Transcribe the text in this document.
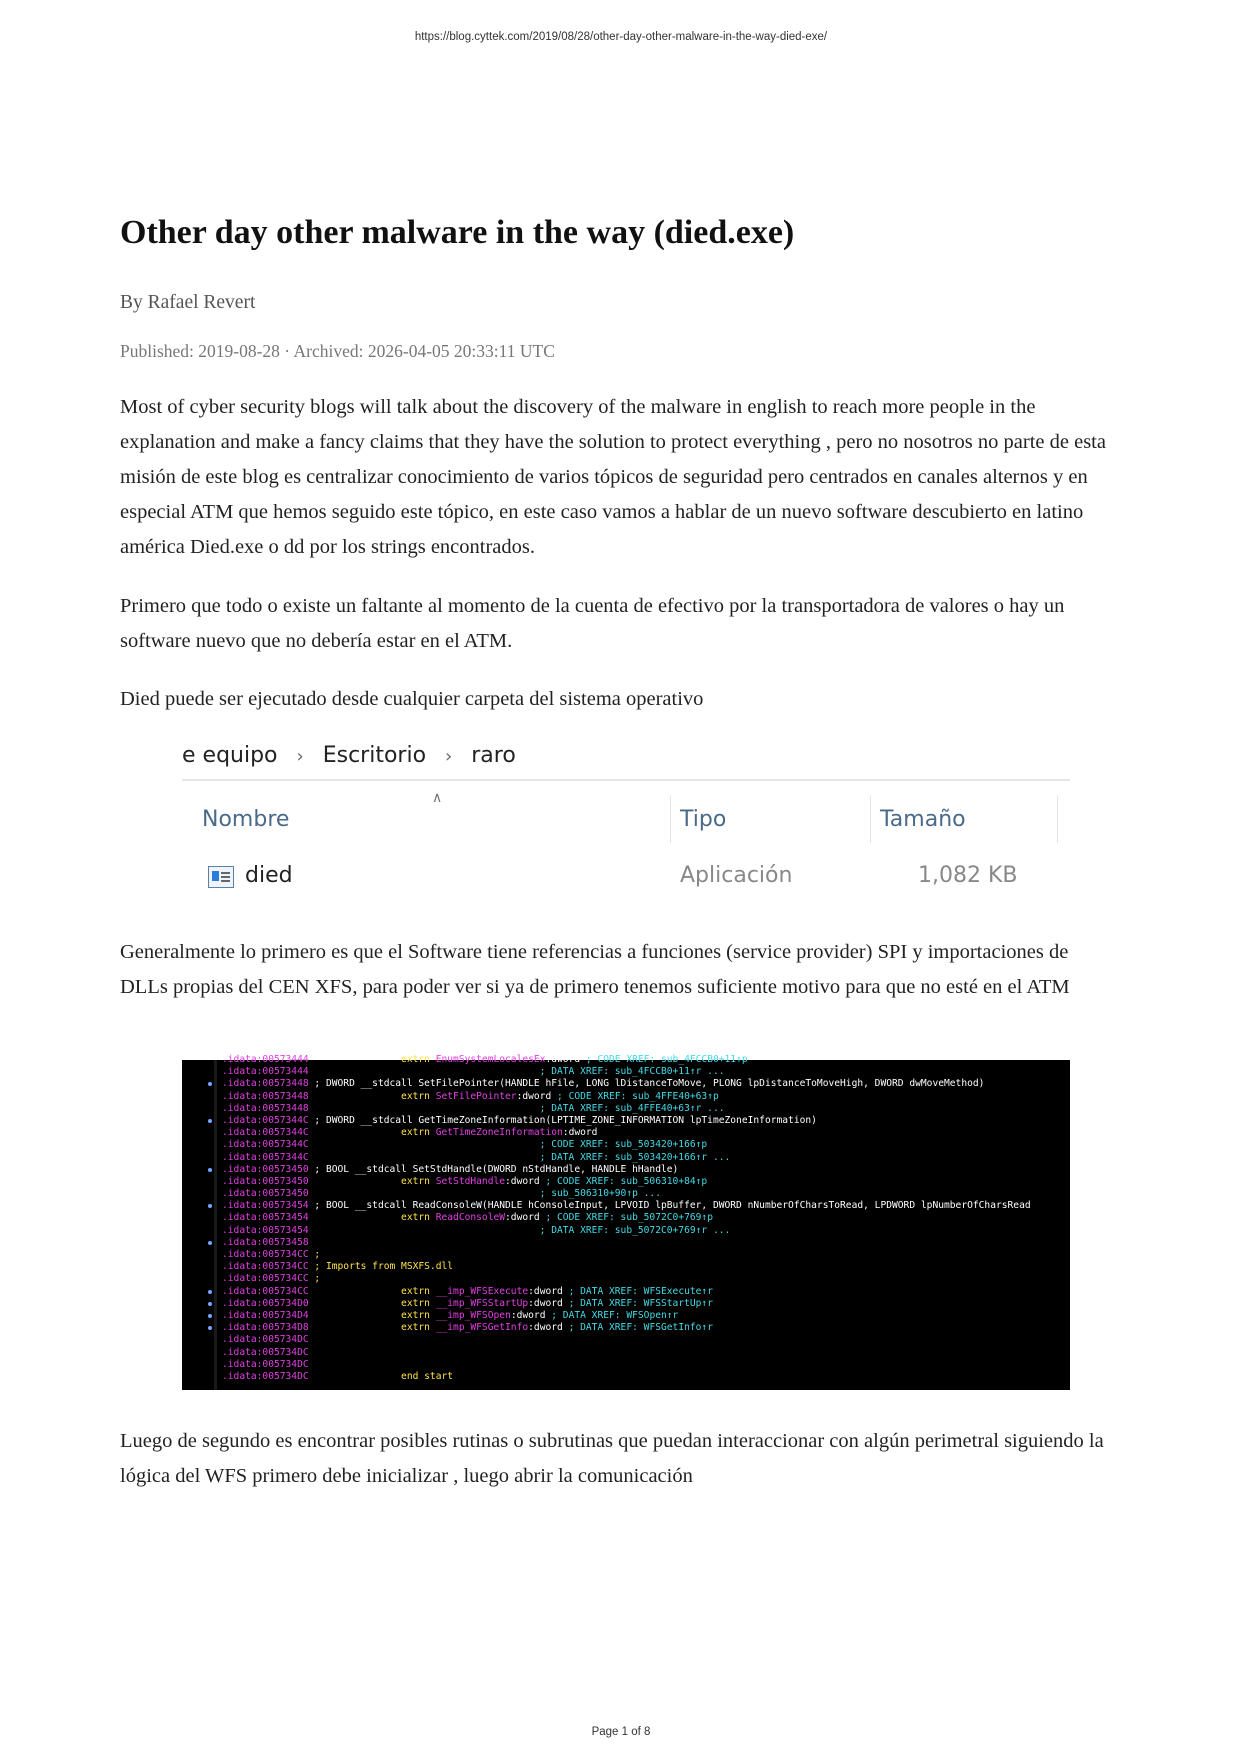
https://blog.cyttek.com/2019/08/28/other-day-other-malware-in-the-way-died-exe/
Other day other malware in the way (died.exe)
By Rafael Revert
Published: 2019-08-28 · Archived: 2026-04-05 20:33:11 UTC

Most of cyber security blogs will talk about the discovery of the malware in english to reach more people in the explanation and make a fancy claims that they have the solution to protect everything , pero no nosotros no parte de esta misión de este blog es centralizar conocimiento de varios tópicos de seguridad pero centrados en canales alternos y en especial ATM que hemos seguido este tópico, en este caso vamos a hablar de un nuevo software descubierto en latino américa Died.exe o dd por los strings encontrados.

Primero que todo o existe un faltante al momento de la cuenta de efectivo por la transportadora de valores o hay un software nuevo que no debería estar en el ATM.

Died puede ser ejecutado desde cualquier carpeta del sistema operativo

e equipo › Escritorio › raro
∧
Nombre	Tipo	Tamaño
died	Aplicación	1,082 KB

Generalmente lo primero es que el Software tiene referencias a funciones (service provider) SPI y importaciones de DLLs propias del CEN XFS, para poder ver si ya de primero tenemos suficiente motivo para que no esté en el ATM

.idata:00573444                extrn EnumSystemLocalesEx:dword ; CODE XREF: sub_4FCCB0+11↑p
.idata:00573444                                        ; DATA XREF: sub_4FCCB0+11↑r ...
.idata:00573448 ; DWORD __stdcall SetFilePointer(HANDLE hFile, LONG lDistanceToMove, PLONG lpDistanceToMoveHigh, DWORD dwMoveMethod)
.idata:00573448                extrn SetFilePointer:dword ; CODE XREF: sub_4FFE40+63↑p
.idata:00573448                                        ; DATA XREF: sub_4FFE40+63↑r ...
.idata:0057344C ; DWORD __stdcall GetTimeZoneInformation(LPTIME_ZONE_INFORMATION lpTimeZoneInformation)
.idata:0057344C                extrn GetTimeZoneInformation:dword
.idata:0057344C                                        ; CODE XREF: sub_503420+166↑p
.idata:0057344C                                        ; DATA XREF: sub_503420+166↑r ...
.idata:00573450 ; BOOL __stdcall SetStdHandle(DWORD nStdHandle, HANDLE hHandle)
.idata:00573450                extrn SetStdHandle:dword ; CODE XREF: sub_506310+84↑p
.idata:00573450                                        ; sub_506310+90↑p ...
.idata:00573454 ; BOOL __stdcall ReadConsoleW(HANDLE hConsoleInput, LPVOID lpBuffer, DWORD nNumberOfCharsToRead, LPDWORD lpNumberOfCharsRead
.idata:00573454                extrn ReadConsoleW:dword ; CODE XREF: sub_5072C0+769↑p
.idata:00573454                                        ; DATA XREF: sub_5072C0+769↑r ...
.idata:00573458
.idata:005734CC ;
.idata:005734CC ; Imports from MSXFS.dll
.idata:005734CC ;
.idata:005734CC                extrn __imp_WFSExecute:dword ; DATA XREF: WFSExecute↑r
.idata:005734D0                extrn __imp_WFSStartUp:dword ; DATA XREF: WFSStartUp↑r
.idata:005734D4                extrn __imp_WFSOpen:dword ; DATA XREF: WFSOpen↑r
.idata:005734D8                extrn __imp_WFSGetInfo:dword ; DATA XREF: WFSGetInfo↑r
.idata:005734DC
.idata:005734DC
.idata:005734DC
.idata:005734DC                end start

Luego de segundo es encontrar posibles rutinas o subrutinas que puedan interaccionar con algún perimetral siguiendo la lógica del WFS primero debe inicializar , luego abrir la comunicación

Page 1 of 8
